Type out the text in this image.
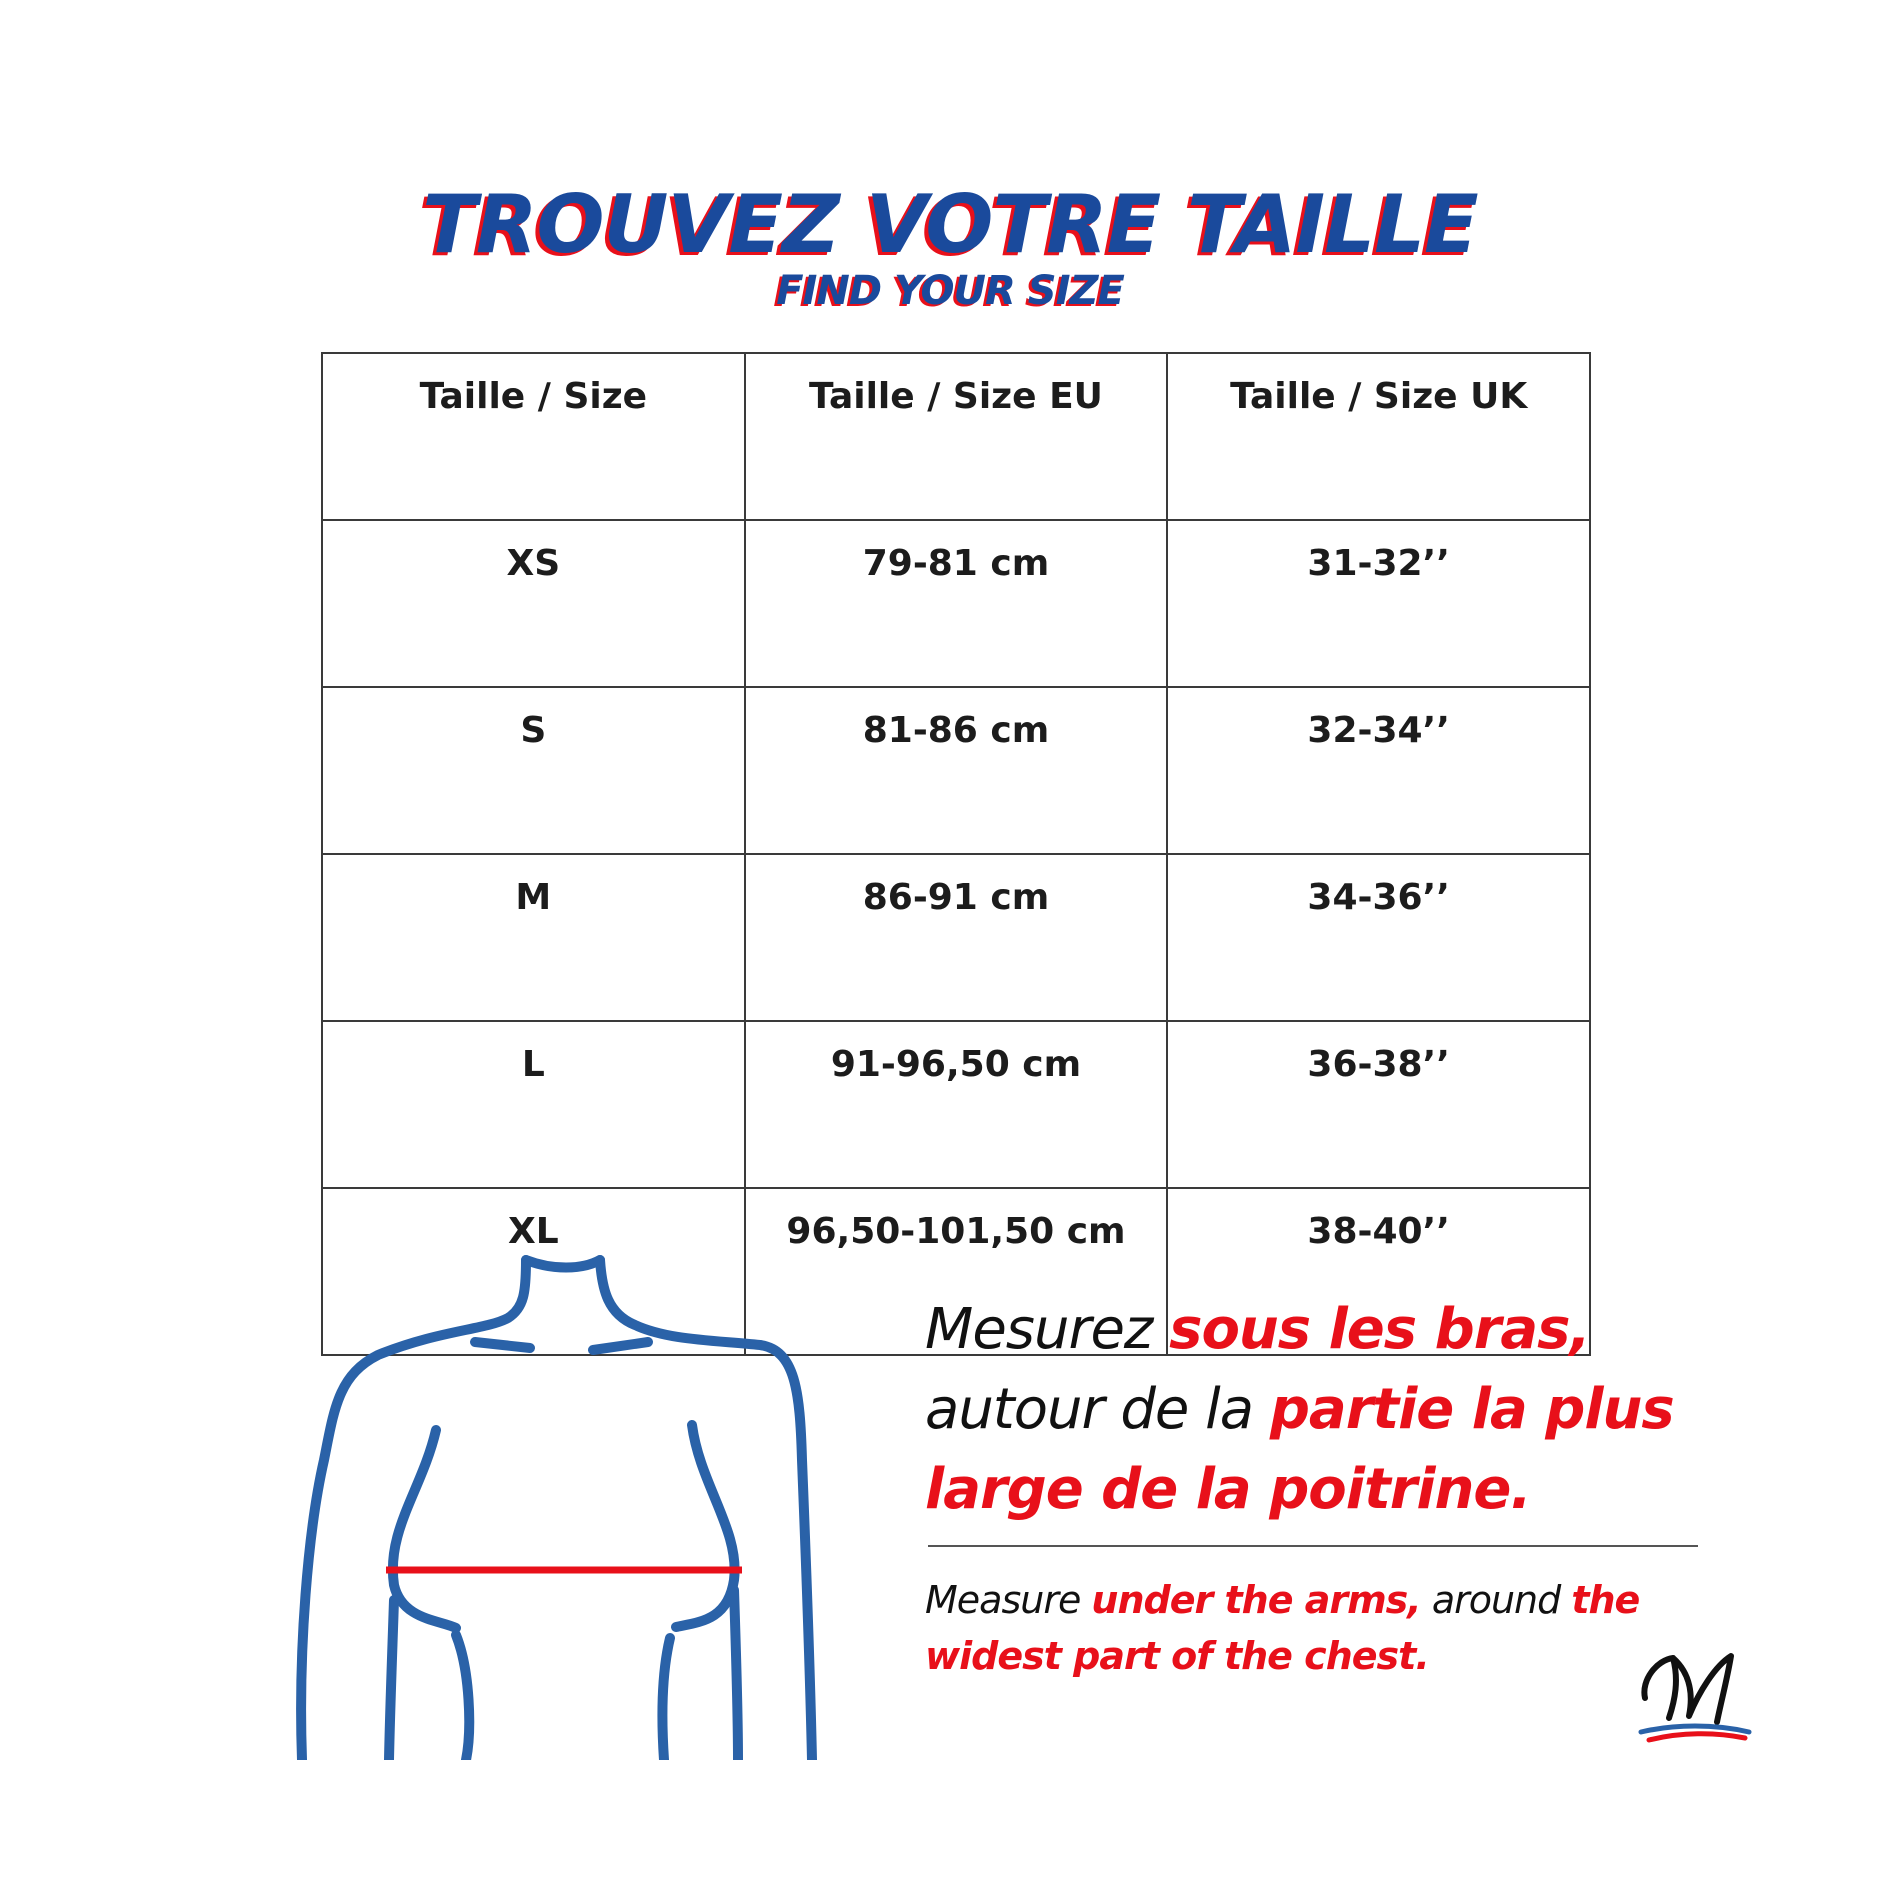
TROUVEZ VOTRE TAILLE
FIND YOUR SIZE
Taille / Size	Taille / Size EU	Taille / Size UK
XS	79-81 cm	31-32’’
S	81-86 cm	32-34’’
M	86-91 cm	34-36’’
L	91-96,50 cm	36-38’’
XL	96,50-101,50 cm	38-40’’
Mesurez sous les bras, autour de la partie la plus large de la poitrine.
Measure under the arms, around the widest part of the chest.
